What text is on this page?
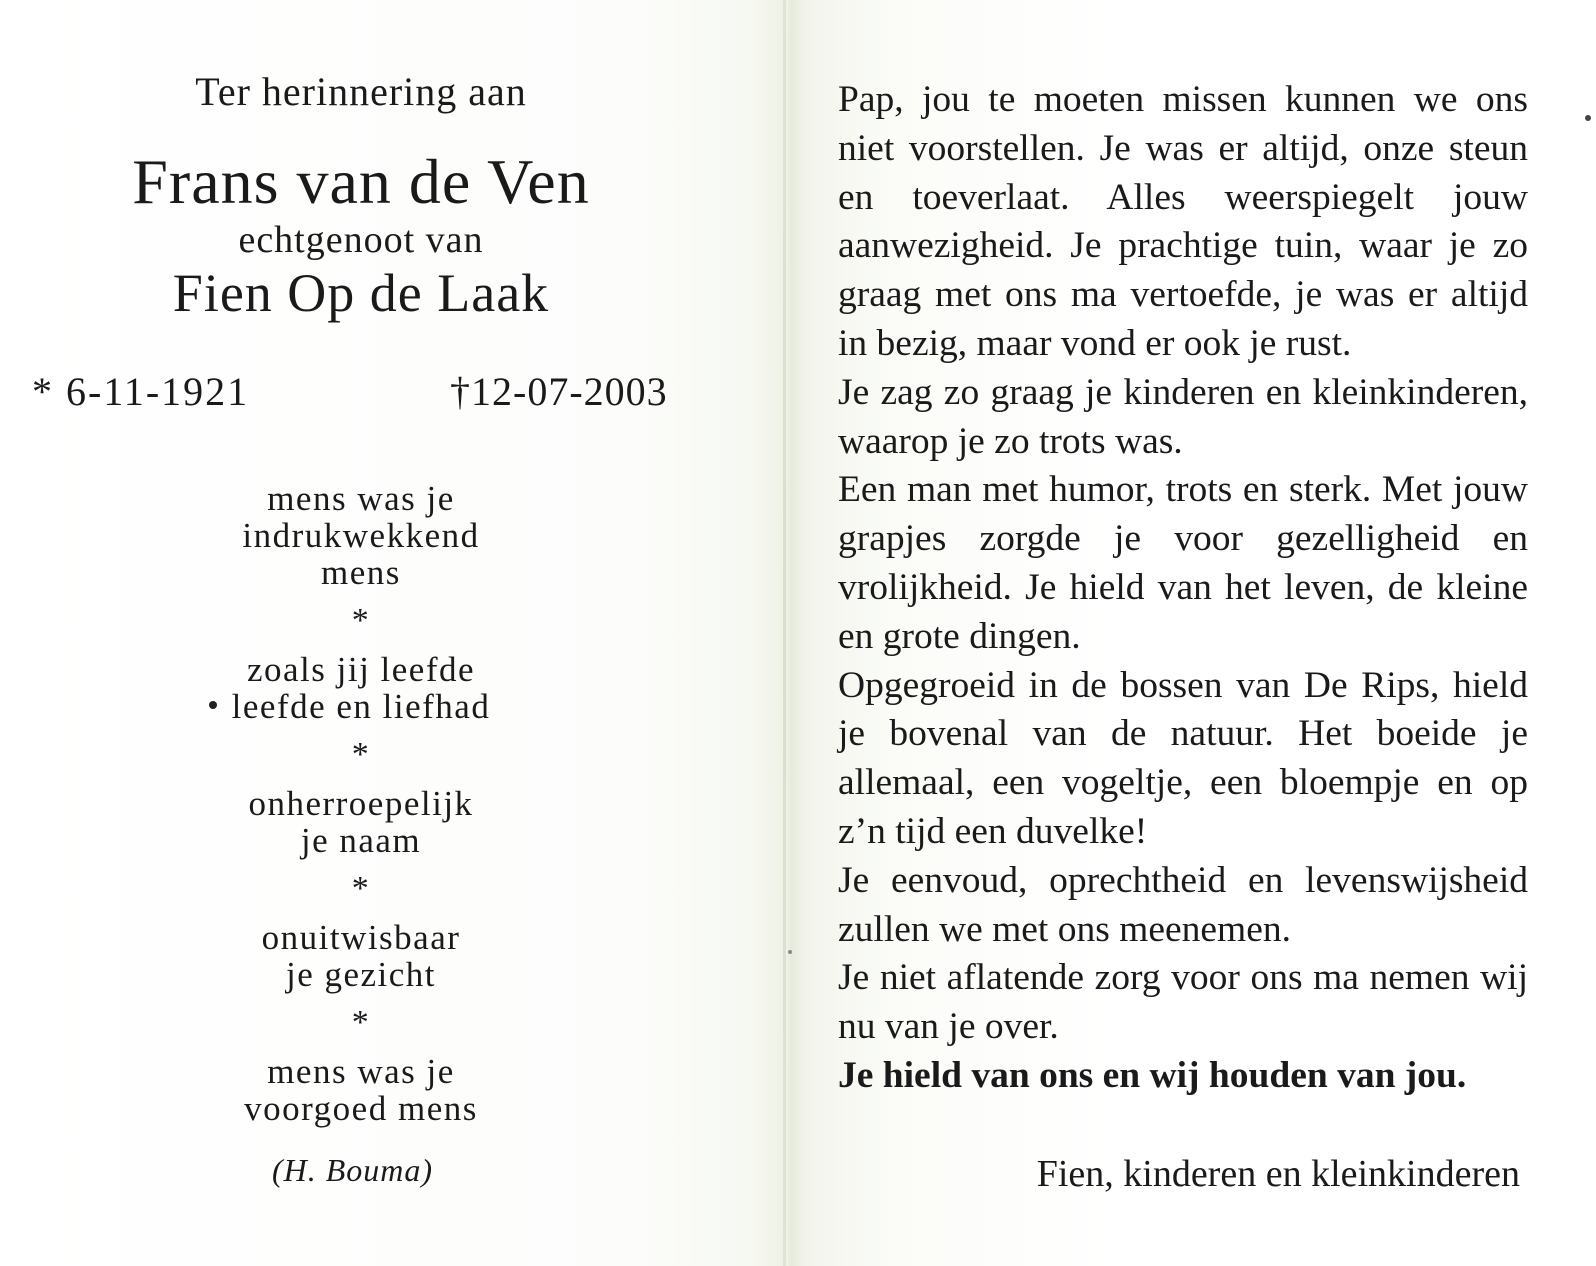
Ter herinnering aan
Frans van de Ven
echtgenoot van
Fien Op de Laak
* 6-11-1921	†12-07-2003
mens was je
indrukwekkend
mens
*
zoals jij leefde
leefde en liefhad
*
onherroepelijk
je naam
*
onuitwisbaar
je gezicht
*
mens was je
voorgoed mens
(H. Bouma)

Pap, jou te moeten missen kunnen we ons niet voorstellen. Je was er altijd, onze steun en toeverlaat. Alles weerspiegelt jouw aanwezigheid. Je prachtige tuin, waar je zo graag met ons ma vertoefde, je was er altijd in bezig, maar vond er ook je rust.

Je zag zo graag je kinderen en kleinkinderen, waarop je zo trots was.

Een man met humor, trots en sterk. Met jouw grapjes zorgde je voor gezelligheid en vrolijkheid. Je hield van het leven, de kleine en grote dingen.

Opgegroeid in de bossen van De Rips, hield je bovenal van de natuur. Het boeide je allemaal, een vogeltje, een bloempje en op z’n tijd een duvelke!

Je eenvoud, oprechtheid en levenswijsheid zullen we met ons meenemen.

Je niet aflatende zorg voor ons ma nemen wij nu van je over.

Je hield van ons en wij houden van jou.

Fien, kinderen en kleinkinderen
